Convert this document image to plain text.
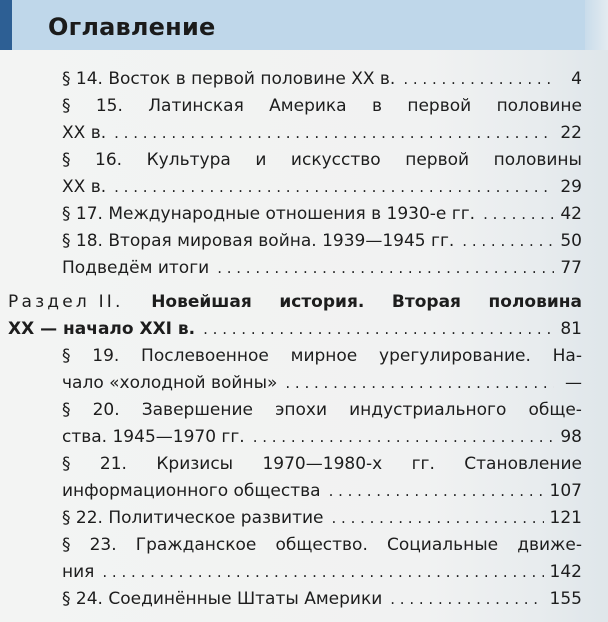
Оглавление
§ 14. Восток в первой половине XX в. . . .	4
§ 15. Латинская Америка в первой половине
XX в. . . .	22
§ 16. Культура и искусство первой половины
XX в. . . .	29
§ 17. Международные отношения в 1930-е гг. . . .	42
§ 18. Вторая мировая война. 1939—1945 гг. . . .	50
Подведём итоги . . .	77
Раздел II. Новейшая история. Вторая половина
XX — начало XXI в. . . .	81
§ 19. Послевоенное мирное урегулирование. На-
чало «холодной войны» . . .	—
§ 20. Завершение эпохи индустриального обще-
ства. 1945—1970 гг. . . .	98
§ 21. Кризисы 1970—1980-х гг. Становление
информационного общества . . .	107
§ 22. Политическое развитие . . .	121
§ 23. Гражданское общество. Социальные движе-
ния . . .	142
§ 24. Соединённые Штаты Америки . . .	155
